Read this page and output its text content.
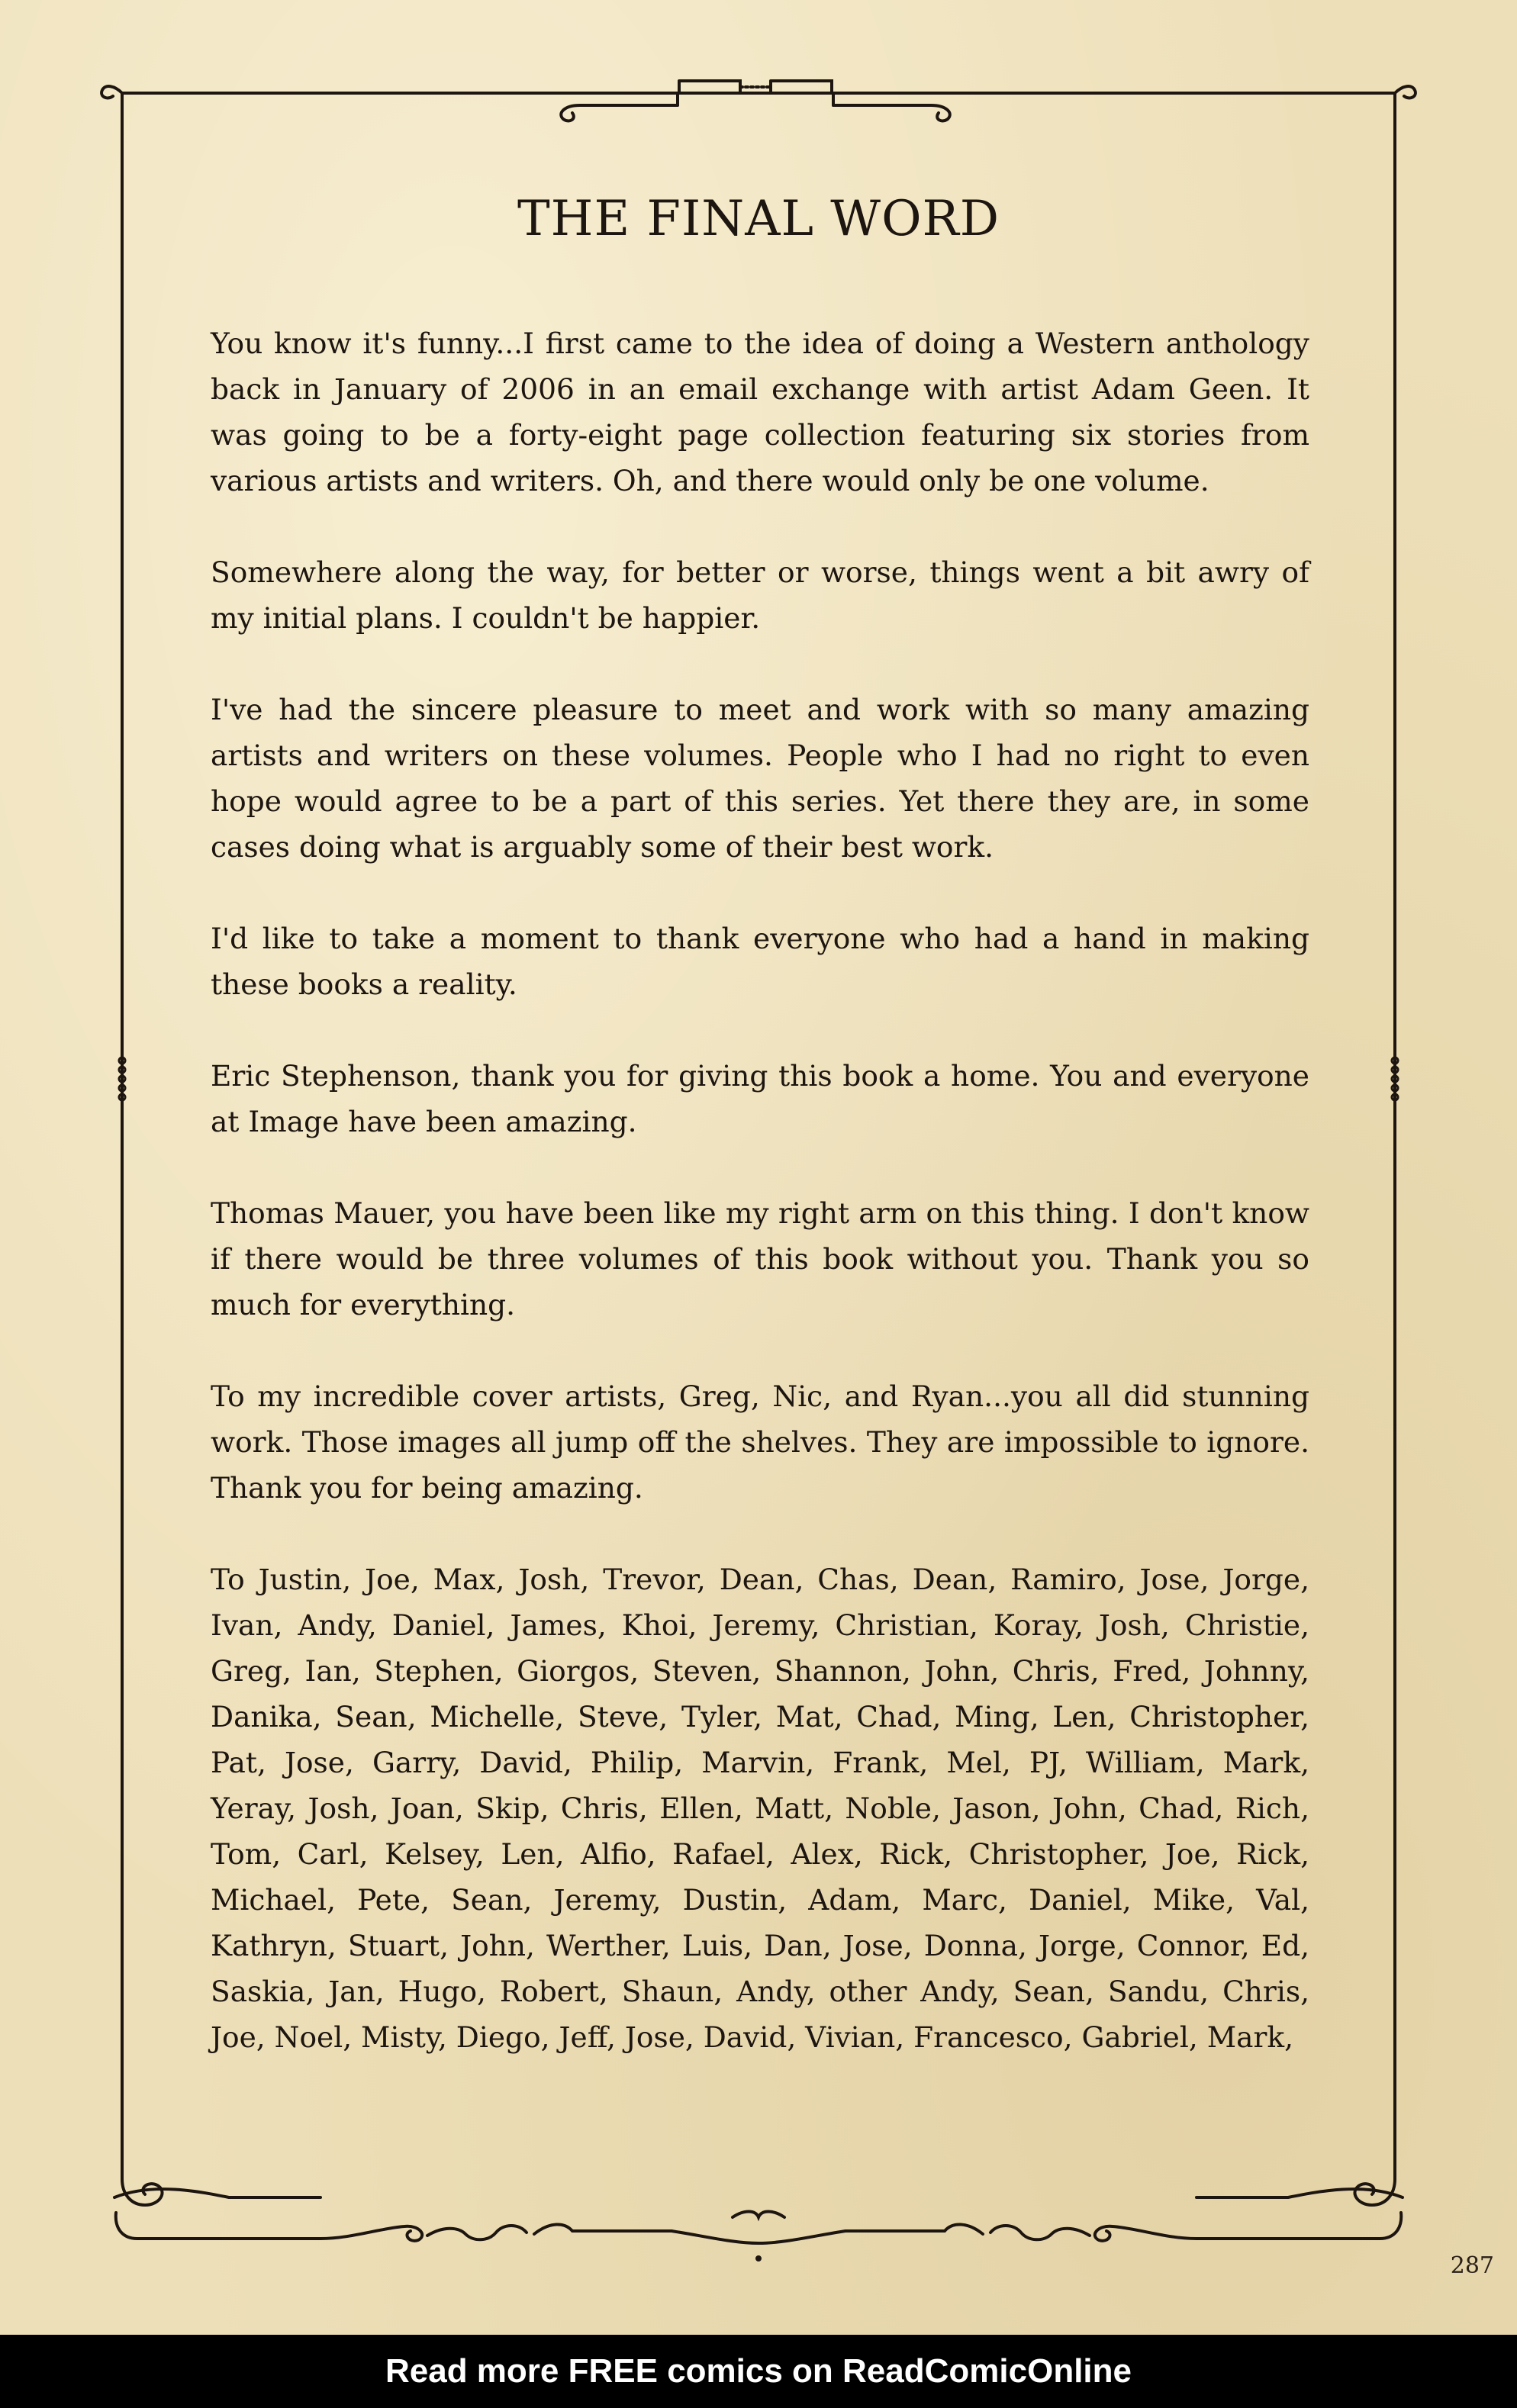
THE FINAL WORD

You know it's funny...I first came to the idea of doing a Western anthology back in January of 2006 in an email exchange with artist Adam Geen. It was going to be a forty-eight page collection featuring six stories from various artists and writers. Oh, and there would only be one volume.

Somewhere along the way, for better or worse, things went a bit awry of my initial plans. I couldn't be happier.

I've had the sincere pleasure to meet and work with so many amazing artists and writers on these volumes. People who I had no right to even hope would agree to be a part of this series. Yet there they are, in some cases doing what is arguably some of their best work.

I'd like to take a moment to thank everyone who had a hand in making these books a reality.

Eric Stephenson, thank you for giving this book a home. You and everyone at Image have been amazing.

Thomas Mauer, you have been like my right arm on this thing. I don't know if there would be three volumes of this book without you. Thank you so much for everything.

To my incredible cover artists, Greg, Nic, and Ryan...you all did stunning work. Those images all jump off the shelves. They are impossible to ignore. Thank you for being amazing.

To Justin, Joe, Max, Josh, Trevor, Dean, Chas, Dean, Ramiro, Jose, Jorge, Ivan, Andy, Daniel, James, Khoi, Jeremy, Christian, Koray, Josh, Christie, Greg, Ian, Stephen, Giorgos, Steven, Shannon, John, Chris, Fred, Johnny, Danika, Sean, Michelle, Steve, Tyler, Mat, Chad, Ming, Len, Christopher, Pat, Jose, Garry, David, Philip, Marvin, Frank, Mel, PJ, William, Mark, Yeray, Josh, Joan, Skip, Chris, Ellen, Matt, Noble, Jason, John, Chad, Rich, Tom, Carl, Kelsey, Len, Alfio, Rafael, Alex, Rick, Christopher, Joe, Rick, Michael, Pete, Sean, Jeremy, Dustin, Adam, Marc, Daniel, Mike, Val, Kathryn, Stuart, John, Werther, Luis, Dan, Jose, Donna, Jorge, Connor, Ed, Saskia, Jan, Hugo, Robert, Shaun, Andy, other Andy, Sean, Sandu, Chris, Joe, Noel, Misty, Diego, Jeff, Jose, David, Vivian, Francesco, Gabriel, Mark,

287
Read more FREE comics on ReadComicOnline
